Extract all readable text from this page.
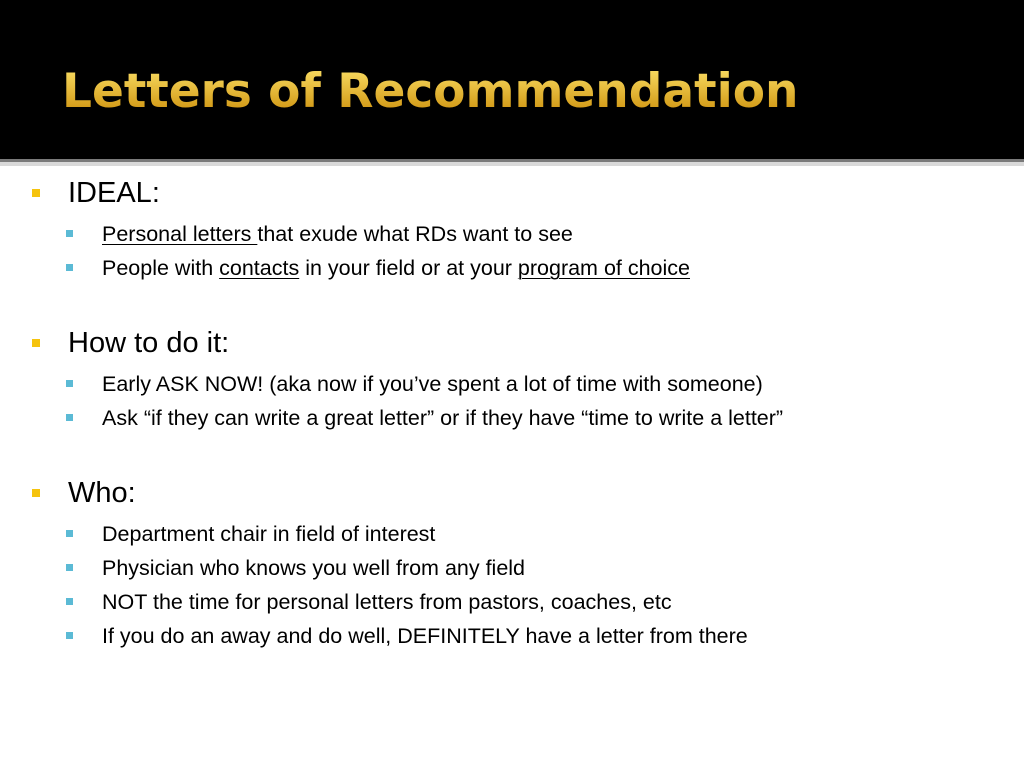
Letters of Recommendation

IDEAL:

Personal letters that exude what RDs want to see

People with contacts in your field or at your program of choice

How to do it:

Early ASK NOW! (aka now if you’ve spent a lot of time with someone)

Ask “if they can write a great letter” or if they have “time to write a letter”

Who:

Department chair in field of interest

Physician who knows you well from any field

NOT the time for personal letters from pastors, coaches, etc

If you do an away and do well, DEFINITELY have a letter from there
